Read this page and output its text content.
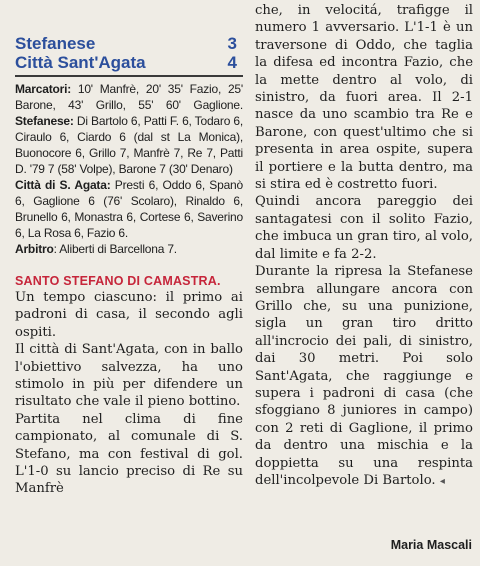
Stefanese	3
Città Sant'Agata	4

Marcatori: 10' Manfrè, 20' 35' Fazio, 25' Barone, 43' Grillo, 55' 60' Gaglione. Stefanese: Di Bartolo 6, Patti F. 6, Todaro 6, Ciraulo 6, Ciardo 6 (dal st La Monica), Buonocore 6, Grillo 7, Manfrè 7, Re 7, Patti D. '79 7 (58' Volpe), Barone 7 (30' Denaro)

Città di S. Agata: Presti 6, Oddo 6, Spanò 6, Gaglione 6 (76' Scolaro), Rinaldo 6, Brunello 6, Monastra 6, Cortese 6, Saverino 6, La Rosa 6, Fazio 6.

Arbitro: Aliberti di Barcellona 7.

SANTO STEFANO DI CAMASTRA.

Un tempo ciascuno: il primo ai padroni di casa, il secondo agli ospiti.

Il città di Sant'Agata, con in ballo l'obiettivo salvezza, ha uno stimolo in più per difendere un risultato che vale il pieno bottino.

Partita nel clima di fine campionato, al comunale di S. Stefano, ma con festival di gol. L'1-0 su lancio preciso di Re su Manfrè

che, in velocitá, trafigge il numero 1 avversario. L'1-1 è un traversone di Oddo, che taglia la difesa ed incontra Fazio, che la mette dentro al volo, di sinistro, da fuori area. Il 2-1 nasce da uno scambio tra Re e Barone, con quest'ultimo che si presenta in area ospite, supera il portiere e la butta dentro, ma si stira ed è costretto fuori.

Quindi ancora pareggio dei santagatesi con il solito Fazio, che imbuca un gran tiro, al volo, dal limite e fa 2-2.

Durante la ripresa la Stefanese sembra allungare ancora con Grillo che, su una punizione, sigla un gran tiro dritto all'incrocio dei pali, di sinistro, dai 30 metri. Poi solo Sant'Agata, che raggiunge e supera i padroni di casa (che sfoggiano 8 juniores in campo) con 2 reti di Gaglione, il primo da dentro una mischia e la doppietta su una respinta dell'incolpevole Di Bartolo. ◂

Maria Mascali
